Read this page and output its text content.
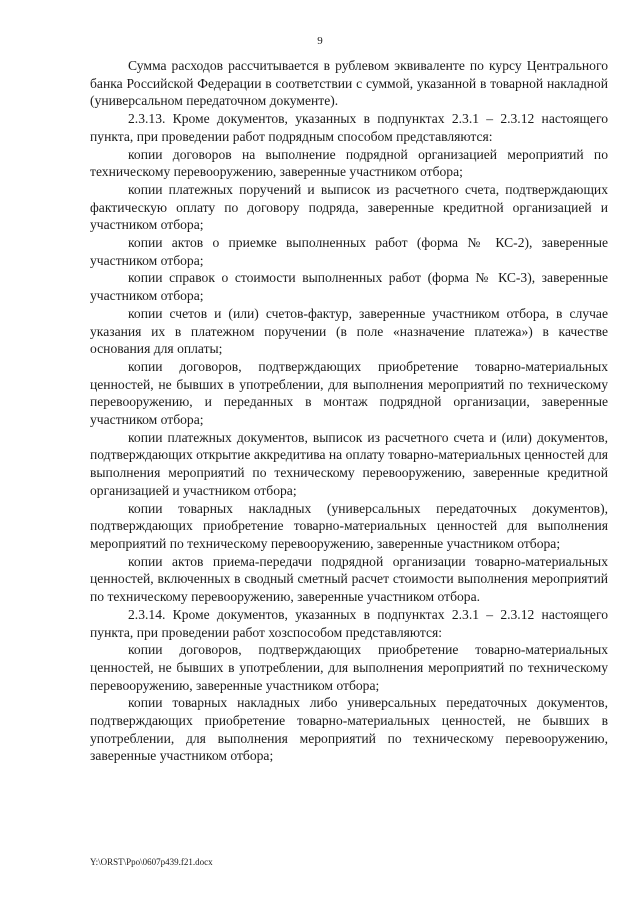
9

Сумма расходов рассчитывается в рублевом эквиваленте по курсу Центрального банка Российской Федерации в соответствии с суммой, указанной в товарной накладной (универсальном передаточном документе).

2.3.13. Кроме документов, указанных в подпунктах 2.3.1 – 2.3.12 настоящего пункта, при проведении работ подрядным способом представляются:

копии договоров на выполнение подрядной организацией мероприятий по техническому перевооружению, заверенные участником отбора;

копии платежных поручений и выписок из расчетного счета, подтверждающих фактическую оплату по договору подряда, заверенные кредитной организацией и участником отбора;

копии актов о приемке выполненных работ (форма № КС-2), заверенные участником отбора;

копии справок о стоимости выполненных работ (форма № КС-3), заверенные участником отбора;

копии счетов и (или) счетов-фактур, заверенные участником отбора, в случае указания их в платежном поручении (в поле «назначение платежа») в качестве основания для оплаты;

копии договоров, подтверждающих приобретение товарно-материальных ценностей, не бывших в употреблении, для выполнения мероприятий по техническому перевооружению, и переданных в монтаж подрядной организации, заверенные участником отбора;

копии платежных документов, выписок из расчетного счета и (или) документов, подтверждающих открытие аккредитива на оплату товарно-материальных ценностей для выполнения мероприятий по техническому перевооружению, заверенные кредитной организацией и участником отбора;

копии товарных накладных (универсальных передаточных документов), подтверждающих приобретение товарно-материальных ценностей для выполнения мероприятий по техническому перевооружению, заверенные участником отбора;

копии актов приема-передачи подрядной организации товарно-материальных ценностей, включенных в сводный сметный расчет стоимости выполнения мероприятий по техническому перевооружению, заверенные участником отбора.

2.3.14. Кроме документов, указанных в подпунктах 2.3.1 – 2.3.12 настоящего пункта, при проведении работ хозспособом представляются:

копии договоров, подтверждающих приобретение товарно-материальных ценностей, не бывших в употреблении, для выполнения мероприятий по техническому перевооружению, заверенные участником отбора;

копии товарных накладных либо универсальных передаточных документов, подтверждающих приобретение товарно-материальных ценностей, не бывших в употреблении, для выполнения мероприятий по техническому перевооружению, заверенные участником отбора;

Y:\ORST\Ppo\0607p439.f21.docx
